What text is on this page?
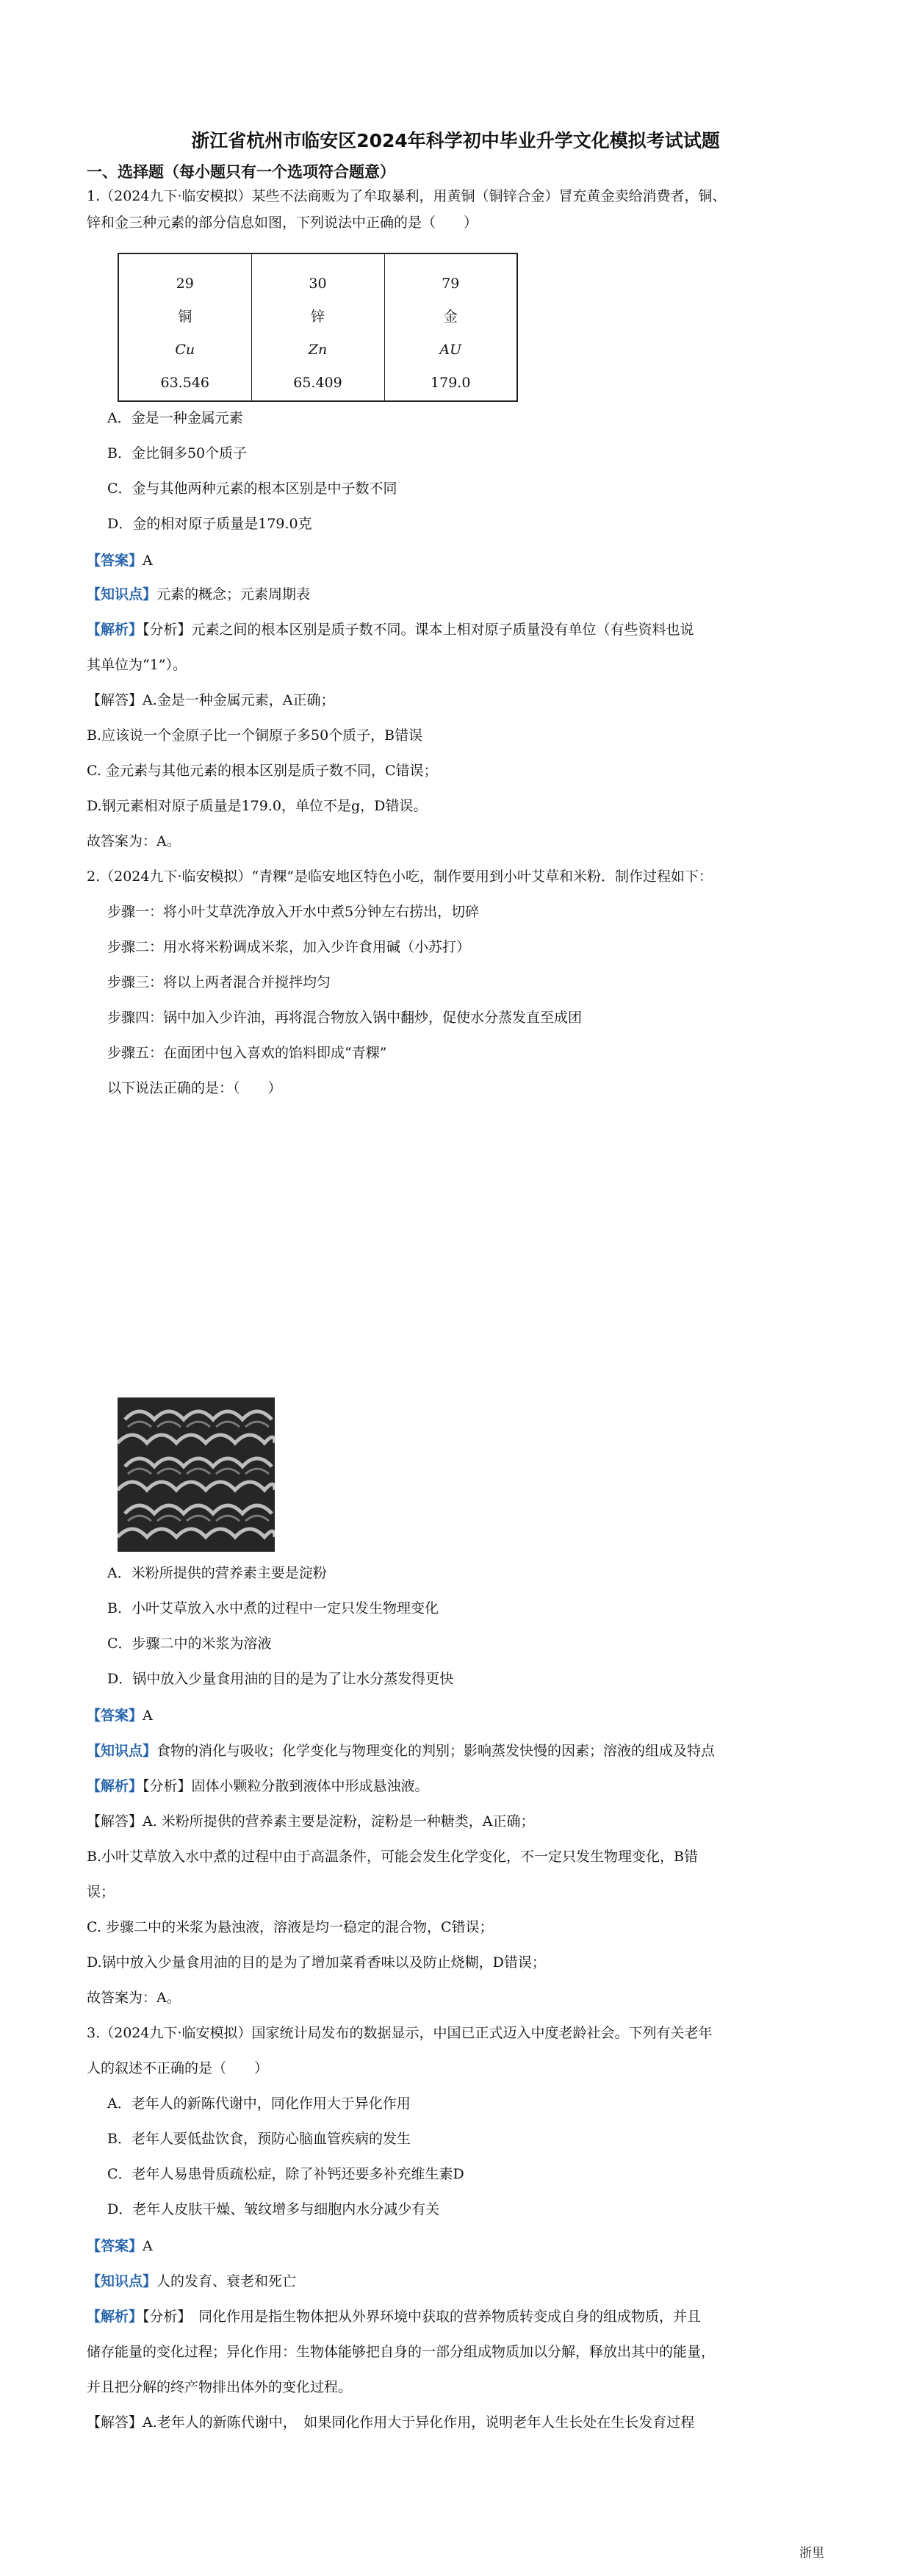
浙江省杭州市临安区2024年科学初中毕业升学文化模拟考试试题
一、选择题（每小题只有一个选项符合题意）
1.（2024九下·临安模拟）某些不法商贩为了牟取暴利，用黄铜（铜锌合金）冒充黄金卖给消费者，铜、
锌和金三种元素的部分信息如图，下列说法中正确的是（　　）
29
铜
Cu
63.546

30
锌
Zn
65.409

79
金
AU
179.0
A．金是一种金属元素
B．金比铜多50个质子
C．金与其他两种元素的根本区别是中子数不同
D．金的相对原子质量是179.0克
【答案】A
【知识点】元素的概念；元素周期表
【解析】【分析】元素之间的根本区别是质子数不同。课本上相对原子质量没有单位（有些资料也说
其单位为“1”）。
【解答】A.金是一种金属元素，A正确；
B.应该说一个金原子比一个铜原子多50个质子，B错误
C. 金元素与其他元素的根本区别是质子数不同，C错误；
D.钢元素相对原子质量是179.0，单位不是g，D错误。
故答案为：A。
2.（2024九下·临安模拟）“青粿”是临安地区特色小吃，制作要用到小叶艾草和米粉．制作过程如下：
步骤一：将小叶艾草洗净放入开水中煮5分钟左右捞出，切碎
步骤二：用水将米粉调成米浆，加入少许食用碱（小苏打）
步骤三：将以上两者混合并搅拌均匀
步骤四：锅中加入少许油，再将混合物放入锅中翻炒，促使水分蒸发直至成团
步骤五：在面团中包入喜欢的馅料即成“青粿”
以下说法正确的是：（　　）
A．米粉所提供的营养素主要是淀粉
B．小叶艾草放入水中煮的过程中一定只发生物理变化
C．步骤二中的米浆为溶液
D．锅中放入少量食用油的目的是为了让水分蒸发得更快
【答案】A
【知识点】食物的消化与吸收；化学变化与物理变化的判别；影响蒸发快慢的因素；溶液的组成及特点
【解析】【分析】固体小颗粒分散到液体中形成悬浊液。
【解答】A. 米粉所提供的营养素主要是淀粉，淀粉是一种糖类，A正确；
B.小叶艾草放入水中煮的过程中由于高温条件，可能会发生化学变化，不一定只发生物理变化，B错
误；
C. 步骤二中的米浆为悬浊液，溶液是均一稳定的混合物，C错误；
D.锅中放入少量食用油的目的是为了增加菜肴香味以及防止烧糊，D错误；
故答案为：A。
3.（2024九下·临安模拟）国家统计局发布的数据显示，中国已正式迈入中度老龄社会。下列有关老年
人的叙述不正确的是（　　）
A．老年人的新陈代谢中，同化作用大于异化作用
B．老年人要低盐饮食，预防心脑血管疾病的发生
C．老年人易患骨质疏松症，除了补钙还要多补充维生素D
D．老年人皮肤干燥、皱纹增多与细胞内水分减少有关
【答案】A
【知识点】人的发育、衰老和死亡
【解析】【分析】　同化作用是指生物体把从外界环境中获取的营养物质转变成自身的组成物质，并且
储存能量的变化过程；异化作用：生物体能够把自身的一部分组成物质加以分解，释放出其中的能量，
并且把分解的终产物排出体外的变化过程。
【解答】A.老年人的新陈代谢中，　如果同化作用大于异化作用，说明老年人生长处在生长发育过程
浙里
